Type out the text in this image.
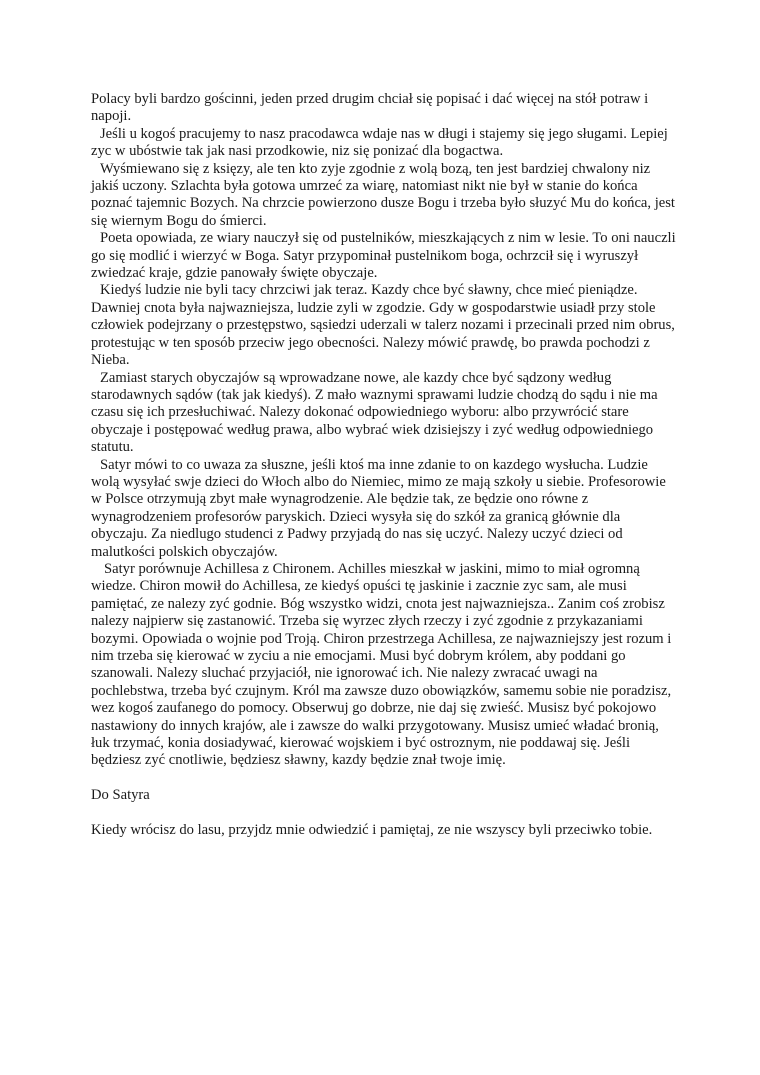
Polacy byli bardzo gościnni, jeden przed drugim chciał się popisać i dać więcej na stół potraw i napoji.

Jeśli u kogoś pracujemy to nasz pracodawca wdaje nas w długi i stajemy się jego sługami. Lepiej zyc w ubóstwie tak jak nasi przodkowie, niz się ponizać dla bogactwa.

Wyśmiewano się z księzy, ale ten kto zyje zgodnie z wolą bozą, ten jest bardziej chwalony niz jakiś uczony. Szlachta była gotowa umrzeć za wiarę, natomiast nikt nie był w stanie do końca poznać tajemnic Bozych. Na chrzcie powierzono dusze Bogu i trzeba było słuzyć Mu do końca, jest się wiernym Bogu do śmierci.

Poeta opowiada, ze wiary nauczył się od pustelników, mieszkających z nim w lesie. To oni nauczli go się modlić i wierzyć w Boga. Satyr przypominał pustelnikom boga, ochrzcił się i wyruszył zwiedzać kraje, gdzie panowały święte obyczaje.

Kiedyś ludzie nie byli tacy chrzciwi jak teraz. Kazdy chce być sławny, chce mieć pieniądze. Dawniej cnota była najwazniejsza, ludzie zyli w zgodzie. Gdy w gospodarstwie usiadł przy stole człowiek podejrzany o przestępstwo, sąsiedzi uderzali w talerz nozami i przecinali przed nim obrus, protestując w ten sposób przeciw jego obecności. Nalezy mówić prawdę, bo prawda pochodzi z Nieba.

Zamiast starych obyczajów są wprowadzane nowe, ale kazdy chce być sądzony według starodawnych sądów (tak jak kiedyś). Z mało waznymi sprawami ludzie chodzą do sądu i nie ma czasu się ich przesłuchiwać. Nalezy dokonać odpowiedniego wyboru: albo przywrócić stare obyczaje i postępować według prawa, albo wybrać wiek dzisiejszy i zyć według odpowiedniego statutu.

Satyr mówi to co uwaza za słuszne, jeśli ktoś ma inne zdanie to on kazdego wysłucha. Ludzie wolą wysyłać swje dzieci do Włoch albo do Niemiec, mimo ze mają szkoły u siebie. Profesorowie w Polsce otrzymują zbyt małe wynagrodzenie. Ale będzie tak, ze będzie ono równe z wynagrodzeniem profesorów paryskich. Dzieci wysyła się do szkół za granicą głównie dla obyczaju. Za niedlugo studenci z Padwy przyjadą do nas się uczyć. Nalezy uczyć dzieci od malutkości polskich obyczajów.

Satyr porównuje Achillesa z Chironem. Achilles mieszkał w jaskini, mimo to miał ogromną wiedze. Chiron mowił do Achillesa, ze kiedyś opuści tę jaskinie i zacznie zyc sam, ale musi pamiętać, ze nalezy zyć godnie. Bóg wszystko widzi, cnota jest najwazniejsza.. Zanim coś zrobisz nalezy najpierw się zastanowić. Trzeba się wyrzec złych rzeczy i zyć zgodnie z przykazaniami bozymi. Opowiada o wojnie pod Troją. Chiron przestrzega Achillesa, ze najwazniejszy jest rozum i nim trzeba się kierować w zyciu a nie emocjami. Musi być dobrym królem, aby poddani go szanowali. Nalezy sluchać przyjaciół, nie ignorować ich. Nie nalezy zwracać uwagi na pochlebstwa, trzeba być czujnym. Król ma zawsze duzo obowiązków, samemu sobie nie poradzisz, wez kogoś zaufanego do pomocy. Obserwuj go dobrze, nie daj się zwieść. Musisz być pokojowo nastawiony do innych krajów, ale i zawsze do walki przygotowany. Musisz umieć władać bronią, łuk trzymać, konia dosiadywać, kierować wojskiem i być ostroznym, nie poddawaj się. Jeśli będziesz zyć cnotliwie, będziesz sławny, kazdy będzie znał twoje imię.

Do Satyra

Kiedy wrócisz do lasu, przyjdz mnie odwiedzić i pamiętaj, ze nie wszyscy byli przeciwko tobie.
